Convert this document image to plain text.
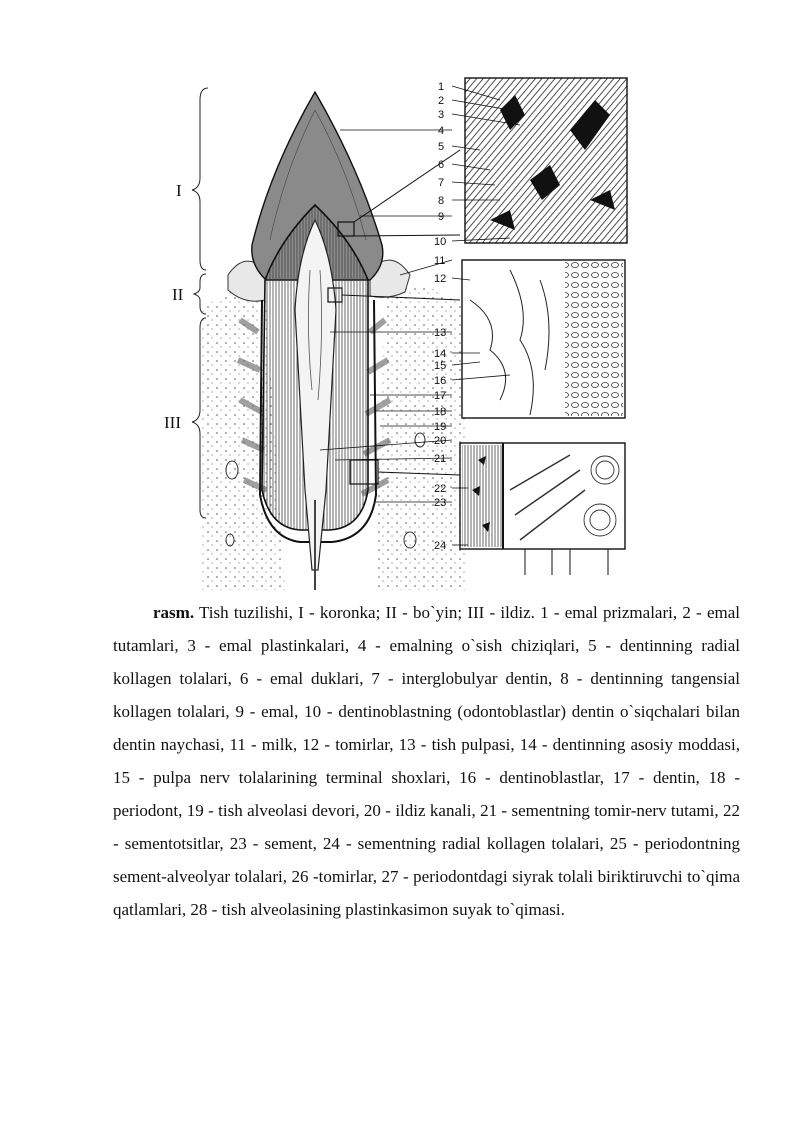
I
II
III
1
2
3
4
5
6
7
8
9
10
11
12
13
14
15
16
17
18
19
20
21
22
23
24

rasm. Tish tuzilishi, I - koronka; II - bo`yin; III - ildiz. 1 - emal prizmalari, 2 - emal tutamlari, 3 - emal plastinkalari, 4 - emalning o`sish chiziqlari, 5 - dentinning radial kollagen tolalari, 6 - emal duklari, 7 - interglobulyar dentin, 8 - dentinning tangensial kollagen tolalari, 9 - emal, 10 - dentinoblastning (odontoblastlar) dentin o`siqchalari bilan dentin naychasi, 11 - milk, 12 - tomirlar, 13 - tish pulpasi, 14 - dentinning asosiy moddasi, 15 - pulpa nerv tolalarining terminal shoxlari, 16 - dentinoblastlar, 17 - dentin, 18 - periodont, 19 - tish alveolasi devori, 20 - ildiz kanali, 21 - sementning tomir-nerv tutami, 22 - sementotsitlar, 23 - sement, 24 - sementning radial kollagen tolalari, 25 - periodontning sement-alveolyar tolalari, 26 -tomirlar, 27 - periodontdagi siyrak tolali biriktiruvchi to`qima qatlamlari, 28 - tish alveolasining plastinkasimon suyak to`qimasi.
